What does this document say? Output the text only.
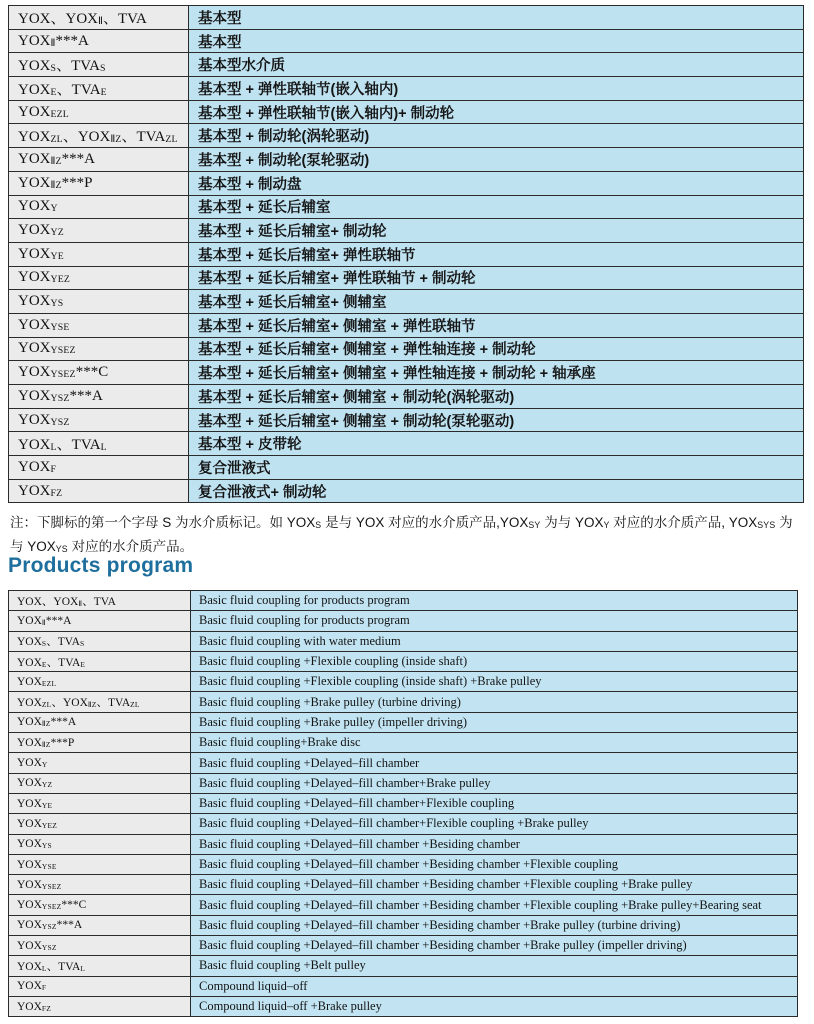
YOX、$YOX_Ⅱ$、TVA	基本型
$YOX_Ⅱ***A$	基本型
$YOX_S$、$TVA_S$	基本型水介质
$YOX_E$、$TVA_E$	基本型 + 弹性联轴节(嵌入轴内)
$YOX_{EZL}$	基本型 + 弹性联轴节(嵌入轴内)+ 制动轮
$YOX_{ZL}$、$YOX_{ⅡZ}$、$TVA_{ZL}$	基本型 + 制动轮(涡轮驱动)
$YOX_{ⅡZ}***A$	基本型 + 制动轮(泵轮驱动)
$YOX_{ⅡZ}***P$	基本型 + 制动盘
$YOX_Y$	基本型 + 延长后辅室
$YOX_{YZ}$	基本型 + 延长后辅室+ 制动轮
$YOX_{YE}$	基本型 + 延长后辅室+ 弹性联轴节
$YOX_{YEZ}$	基本型 + 延长后辅室+ 弹性联轴节 + 制动轮
$YOX_{YS}$	基本型 + 延长后辅室+ 侧辅室
$YOX_{YSE}$	基本型 + 延长后辅室+ 侧辅室 + 弹性联轴节
$YOX_{YSEZ}$	基本型 + 延长后辅室+ 侧辅室 + 弹性轴连接 + 制动轮
$YOX_{YSEZ}***C$	基本型 + 延长后辅室+ 侧辅室 + 弹性轴连接 + 制动轮 + 轴承座
$YOX_{YSZ}***A$	基本型 + 延长后辅室+ 侧辅室 + 制动轮(涡轮驱动)
$YOX_{YSZ}$	基本型 + 延长后辅室+ 侧辅室 + 制动轮(泵轮驱动)
$YOX_L$、$TVA_L$	基本型 + 皮带轮
$YOX_F$	复合泄液式
$YOX_{FZ}$	复合泄液式+ 制动轮
注：下脚标的第一个字母 S 为水介质标记。如 $YOX_S$ 是与 YOX 对应的水介质产品$,YOX_{SY}$ 为与 $YOX_Y$ 对应的水介质产品, $YOX_{SYS}$ 为与 $YOX_{YS}$ 对应的水介质产品。
Products program
YOX、$YOX_Ⅱ$、TVA	Basic fluid coupling for products program
$YOX_Ⅱ***A$	Basic fluid coupling for products program
$YOX_S$、$TVA_S$	Basic fluid coupling with water medium
$YOX_E$、$TVA_E$	Basic fluid coupling +Flexible coupling (inside shaft)
$YOX_{EZL}$	Basic fluid coupling +Flexible coupling (inside shaft) +Brake pulley
$YOX_{ZL}$、$YOX_{ⅡZ}$、$TVA_{ZL}$	Basic fluid coupling +Brake pulley (turbine driving)
$YOX_{ⅡZ}***A$	Basic fluid coupling +Brake pulley (impeller driving)
$YOX_{ⅡZ}***P$	Basic fluid coupling+Brake disc
$YOX_Y$	Basic fluid coupling +Delayed–fill chamber
$YOX_{YZ}$	Basic fluid coupling +Delayed–fill chamber+Brake pulley
$YOX_{YE}$	Basic fluid coupling +Delayed–fill chamber+Flexible coupling
$YOX_{YEZ}$	Basic fluid coupling +Delayed–fill chamber+Flexible coupling +Brake pulley
$YOX_{YS}$	Basic fluid coupling +Delayed–fill chamber +Besiding chamber
$YOX_{YSE}$	Basic fluid coupling +Delayed–fill chamber +Besiding chamber +Flexible coupling
$YOX_{YSEZ}$	Basic fluid coupling +Delayed–fill chamber +Besiding chamber +Flexible coupling +Brake pulley
$YOX_{YSEZ}***C$	Basic fluid coupling +Delayed–fill chamber +Besiding chamber +Flexible coupling +Brake pulley+Bearing seat
$YOX_{YSZ}***A$	Basic fluid coupling +Delayed–fill chamber +Besiding chamber +Brake pulley (turbine driving)
$YOX_{YSZ}$	Basic fluid coupling +Delayed–fill chamber +Besiding chamber +Brake pulley (impeller driving)
$YOX_L$、$TVA_L$	Basic fluid coupling +Belt pulley
$YOX_F$	Compound liquid–off
$YOX_{FZ}$	Compound liquid–off +Brake pulley
